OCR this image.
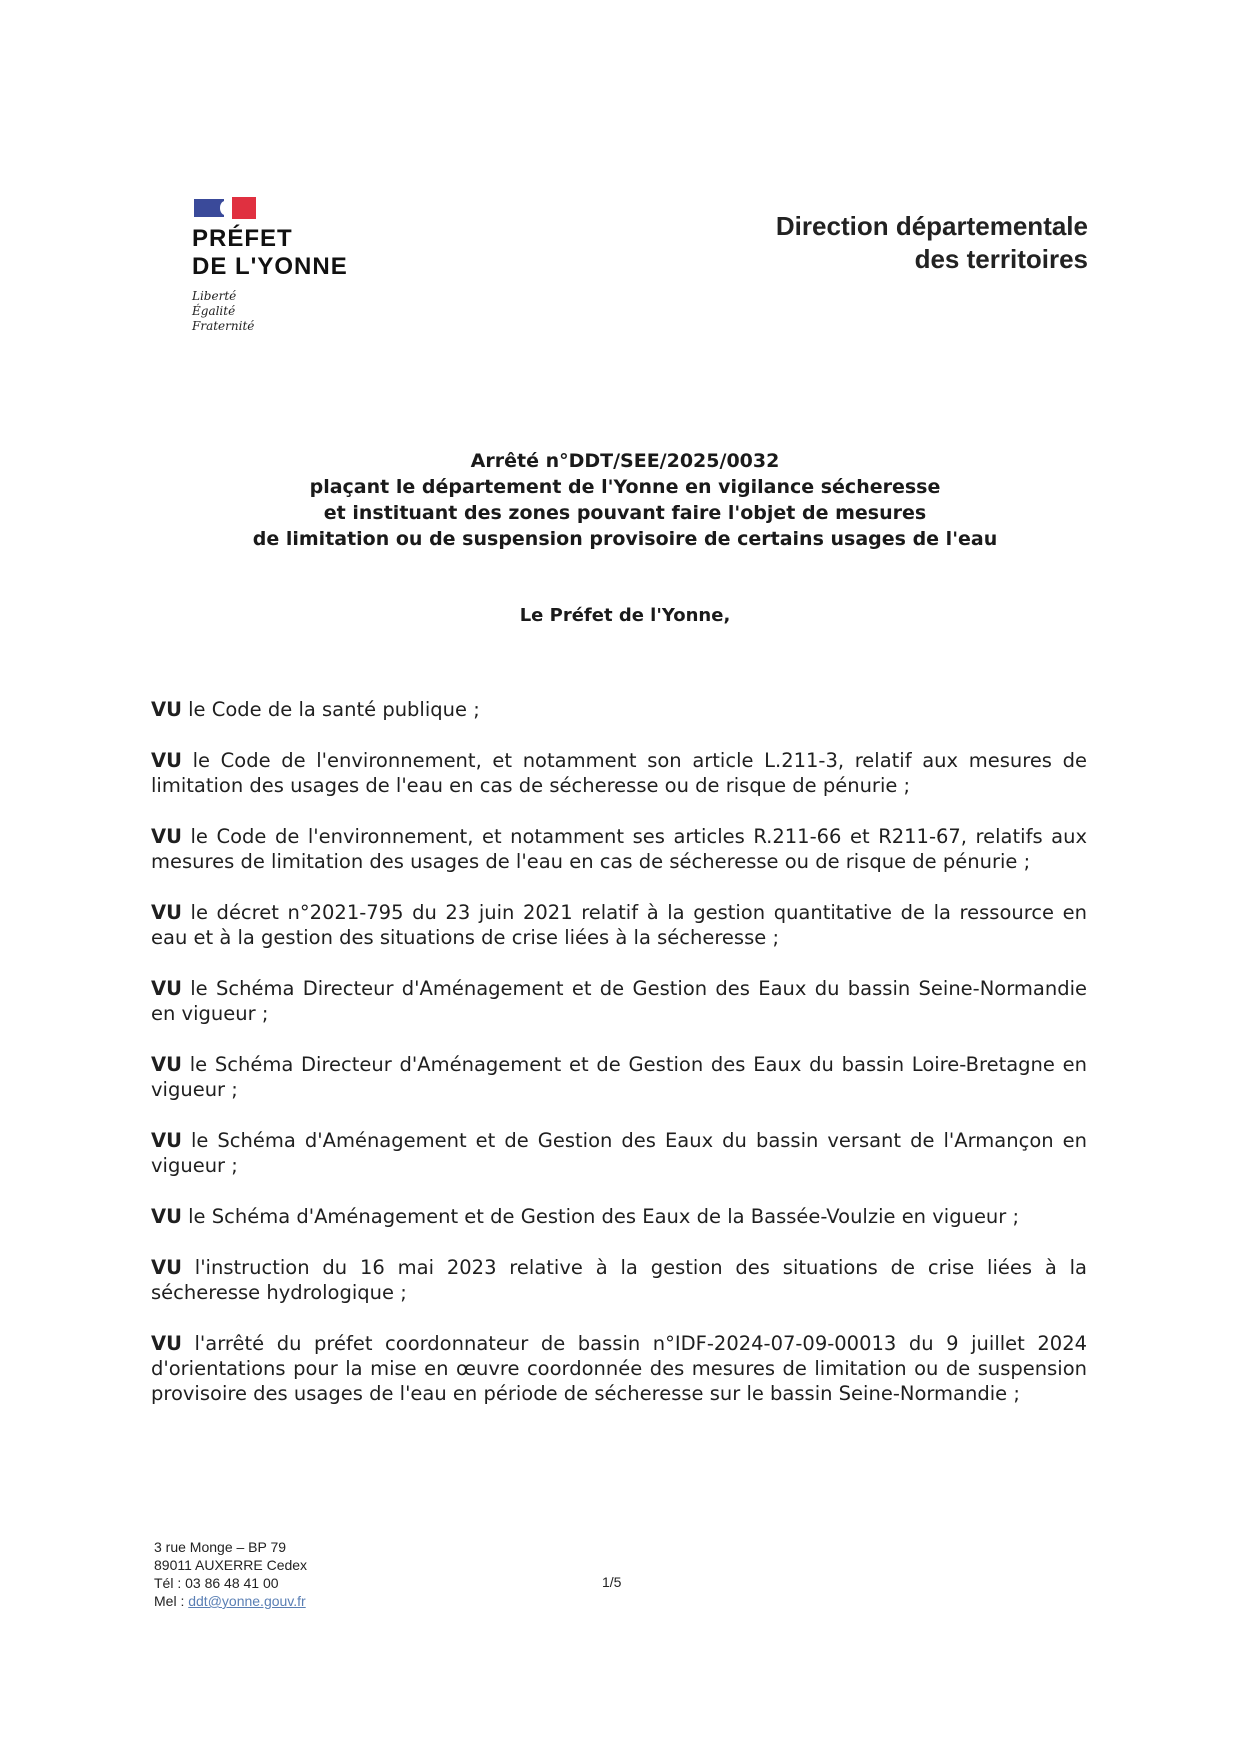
PRÉFET
DE L'YONNE
Liberté
Égalité
Fraternité
Direction départementale
des territoires
Arrêté n°DDT/SEE/2025/0032
plaçant le département de l'Yonne en vigilance sécheresse
et instituant des zones pouvant faire l'objet de mesures
de limitation ou de suspension provisoire de certains usages de l'eau
Le Préfet de l'Yonne,

VU le Code de la santé publique ;

VU le Code de l'environnement, et notamment son article L.211-3, relatif aux mesures de limitation des usages de l'eau en cas de sécheresse ou de risque de pénurie ;

VU le Code de l'environnement, et notamment ses articles R.211-66 et R211-67, relatifs aux mesures de limitation des usages de l'eau en cas de sécheresse ou de risque de pénurie ;

VU le décret n°2021-795 du 23 juin 2021 relatif à la gestion quantitative de la ressource en eau et à la gestion des situations de crise liées à la sécheresse ;

VU le Schéma Directeur d'Aménagement et de Gestion des Eaux du bassin Seine-Normandie en vigueur ;

VU le Schéma Directeur d'Aménagement et de Gestion des Eaux du bassin Loire-Bretagne en vigueur ;

VU le Schéma d'Aménagement et de Gestion des Eaux du bassin versant de l'Armançon en vigueur ;

VU le Schéma d'Aménagement et de Gestion des Eaux de la Bassée-Voulzie en vigueur ;

VU l'instruction du 16 mai 2023 relative à la gestion des situations de crise liées à la sécheresse hydrologique ;

VU l'arrêté du préfet coordonnateur de bassin n°IDF-2024-07-09-00013 du 9 juillet 2024 d'orientations pour la mise en œuvre coordonnée des mesures de limitation ou de suspension provisoire des usages de l'eau en période de sécheresse sur le bassin Seine-Normandie ;

3 rue Monge – BP 79
89011 AUXERRE Cedex
Tél : 03 86 48 41 00
Mel : ddt@yonne.gouv.fr
1/5
